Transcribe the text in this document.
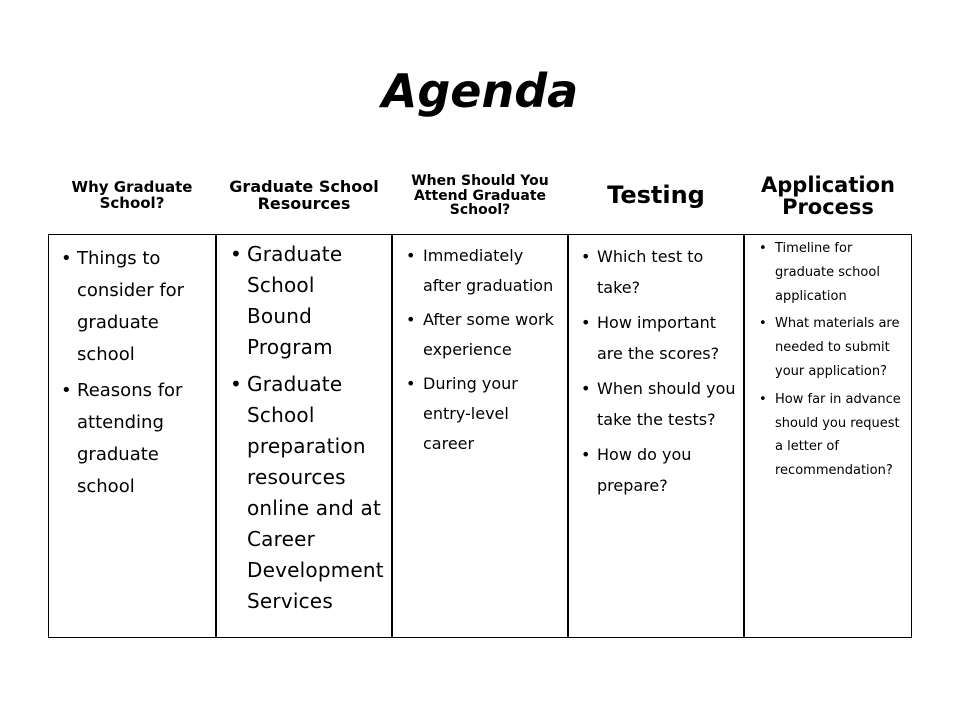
Agenda
Why Graduate School?
• Things to consider for graduate school
• Reasons for attending graduate school
Graduate School Resources
• Graduate School Bound Program
• Graduate School preparation resources online and at Career Development Services
When Should You Attend Graduate School?
• Immediately after graduation
• After some work experience
• During your entry-level career
Testing
• Which test to take?
• How important are the scores?
• When should you take the tests?
• How do you prepare?
Application Process
• Timeline for graduate school application
• What materials are needed to submit your application?
• How far in advance should you request a letter of recommendation?
